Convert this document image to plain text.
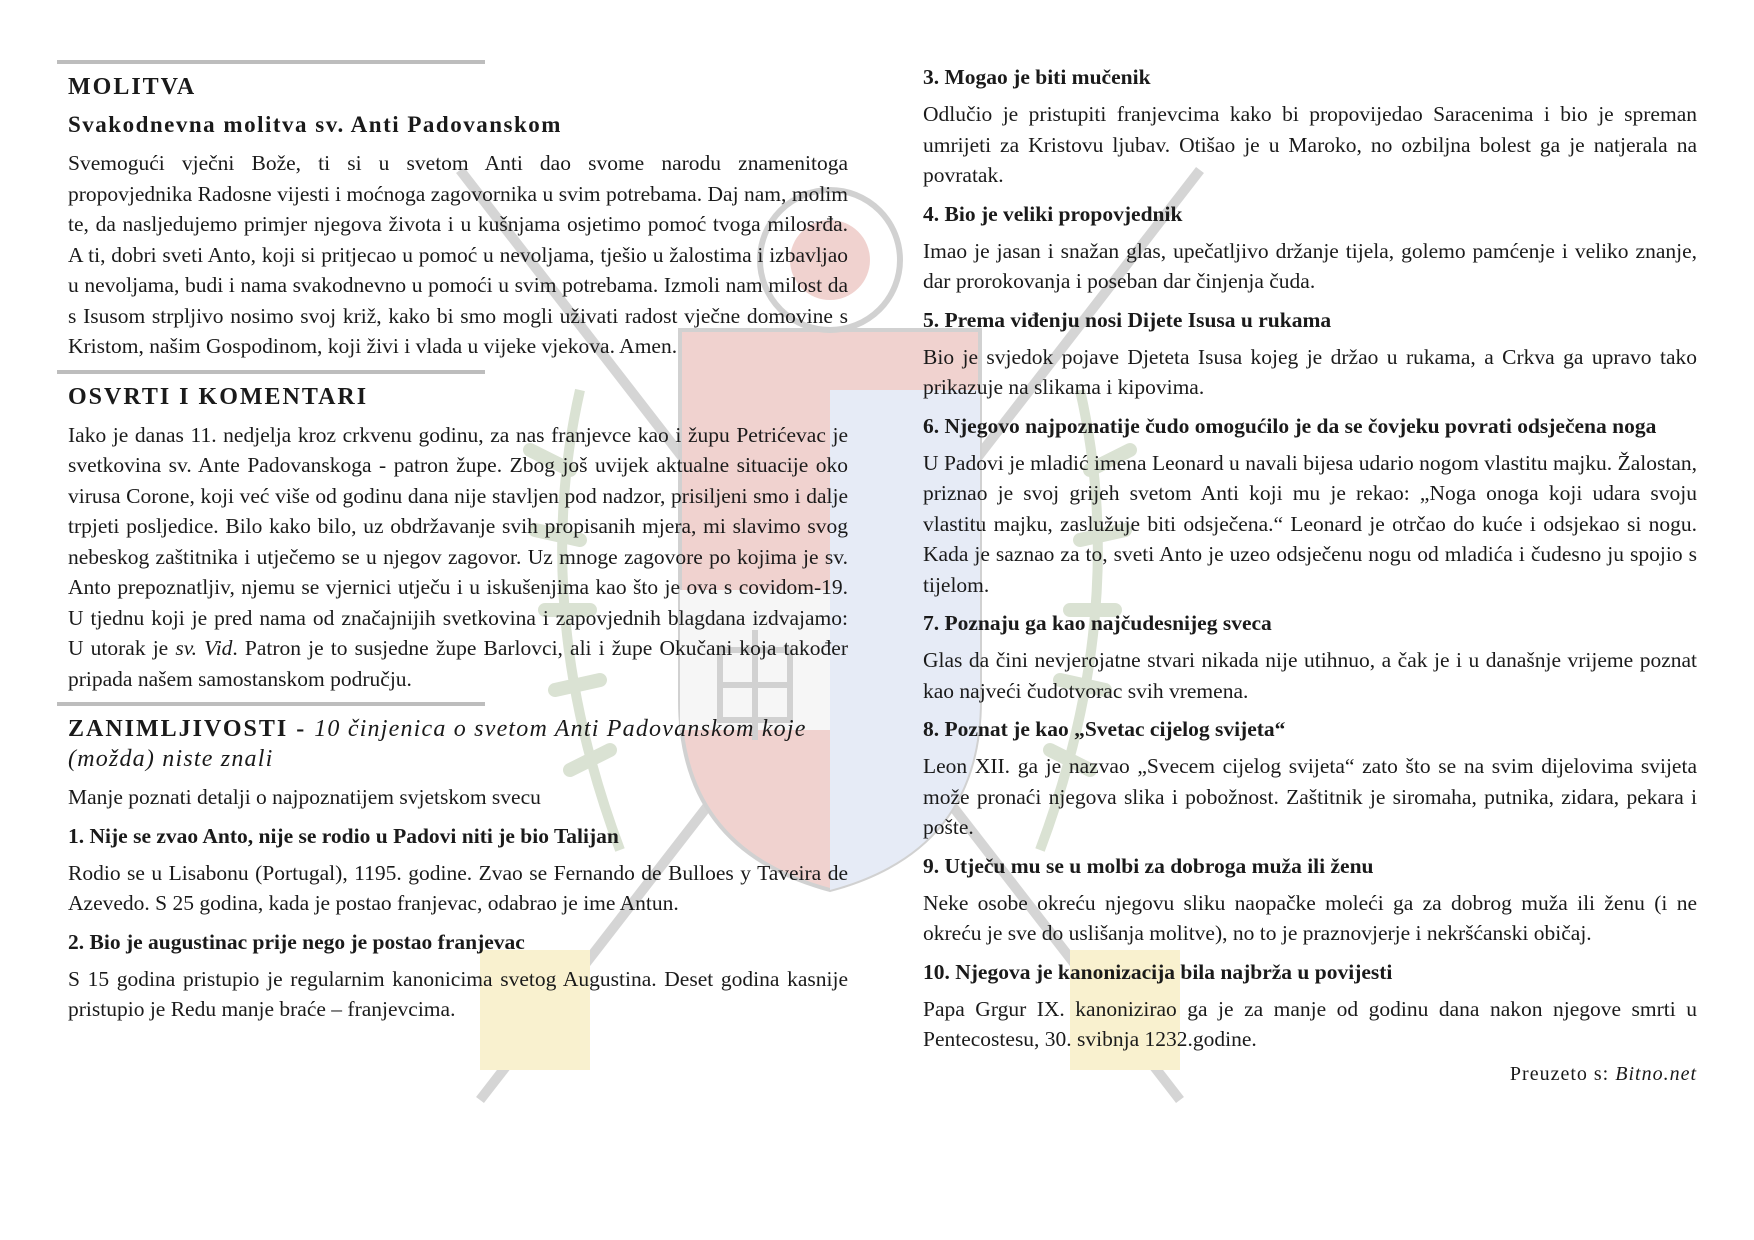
MOLITVA
Svakodnevna molitva sv. Anti Padovanskom

Svemogući vječni Bože, ti si u svetom Anti dao svome narodu znamenitoga propovjednika Radosne vijesti i moćnoga zagovornika u svim potrebama. Daj nam, molim te, da nasljedujemo primjer njegova života i u kušnjama osjetimo pomoć tvoga milosrđa. A ti, dobri sveti Anto, koji si pritjecao u pomoć u nevoljama, tješio u žalostima i izbavljao u nevoljama, budi i nama svakodnevno u pomoći u svim potrebama. Izmoli nam milost da s Isusom strpljivo nosimo svoj križ, kako bi smo mogli uživati radost vječne domovine s Kristom, našim Gospodinom, koji živi i vlada u vijeke vjekova. Amen.

OSVRTI I KOMENTARI

Iako je danas 11. nedjelja kroz crkvenu godinu, za nas franjevce kao i župu Petrićevac je svetkovina sv. Ante Padovanskoga - patron župe. Zbog još uvijek aktualne situacije oko virusa Corone, koji već više od godinu dana nije stavljen pod nadzor, prisiljeni smo i dalje trpjeti posljedice. Bilo kako bilo, uz obdržavanje svih propisanih mjera, mi slavimo svog nebeskog zaštitnika i utječemo se u njegov zagovor. Uz mnoge zagovore po kojima je sv. Anto prepoznatljiv, njemu se vjernici utječu i u iskušenjima kao što je ova s covidom-19. U tjednu koji je pred nama od značajnijih svetkovina i zapovjednih blagdana izdvajamo: U utorak je sv. Vid. Patron je to susjedne župe Barlovci, ali i župe Okučani koja također pripada našem samostanskom području.

ZANIMLJIVOSTI - 10 činjenica o svetom Anti Padovanskom koje (možda) niste znali

Manje poznati detalji o najpoznatijem svjetskom svecu

1. Nije se zvao Anto, nije se rodio u Padovi niti je bio Talijan

Rodio se u Lisabonu (Portugal), 1195. godine. Zvao se Fernando de Bulloes y Taveira de Azevedo. S 25 godina, kada je postao franjevac, odabrao je ime Antun.

2. Bio je augustinac prije nego je postao franjevac

S 15 godina pristupio je regularnim kanonicima svetog Augustina. Deset godina kasnije pristupio je Redu manje braće – franjevcima.

3. Mogao je biti mučenik

Odlučio je pristupiti franjevcima kako bi propovijedao Saracenima i bio je spreman umrijeti za Kristovu ljubav. Otišao je u Maroko, no ozbiljna bolest ga je natjerala na povratak.

4. Bio je veliki propovjednik

Imao je jasan i snažan glas, upečatljivo držanje tijela, golemo pamćenje i veliko znanje, dar prorokovanja i poseban dar činjenja čuda.

5. Prema viđenju nosi Dijete Isusa u rukama

Bio je svjedok pojave Djeteta Isusa kojeg je držao u rukama, a Crkva ga upravo tako prikazuje na slikama i kipovima.

6. Njegovo najpoznatije čudo omogućilo je da se čovjeku povrati odsječena noga

U Padovi je mladić imena Leonard u navali bijesa udario nogom vlastitu majku. Žalostan, priznao je svoj grijeh svetom Anti koji mu je rekao: „Noga onoga koji udara svoju vlastitu majku, zaslužuje biti odsječena.“ Leonard je otrčao do kuće i odsjekao si nogu. Kada je saznao za to, sveti Anto je uzeo odsječenu nogu od mladića i čudesno ju spojio s tijelom.

7. Poznaju ga kao najčudesnijeg sveca

Glas da čini nevjerojatne stvari nikada nije utihnuo, a čak je i u današnje vrijeme poznat kao najveći čudotvorac svih vremena.

8. Poznat je kao „Svetac cijelog svijeta“

Leon XII. ga je nazvao „Svecem cijelog svijeta“ zato što se na svim dijelovima svijeta može pronaći njegova slika i pobožnost. Zaštitnik je siromaha, putnika, zidara, pekara i pošte.

9. Utječu mu se u molbi za dobroga muža ili ženu

Neke osobe okreću njegovu sliku naopačke moleći ga za dobrog muža ili ženu (i ne okreću je sve do uslišanja molitve), no to je praznovjerje i nekršćanski običaj.

10. Njegova je kanonizacija bila najbrža u povijesti

Papa Grgur IX. kanonizirao ga je za manje od godinu dana nakon njegove smrti u Pentecostesu, 30. svibnja 1232.godine.

Preuzeto s: Bitno.net
